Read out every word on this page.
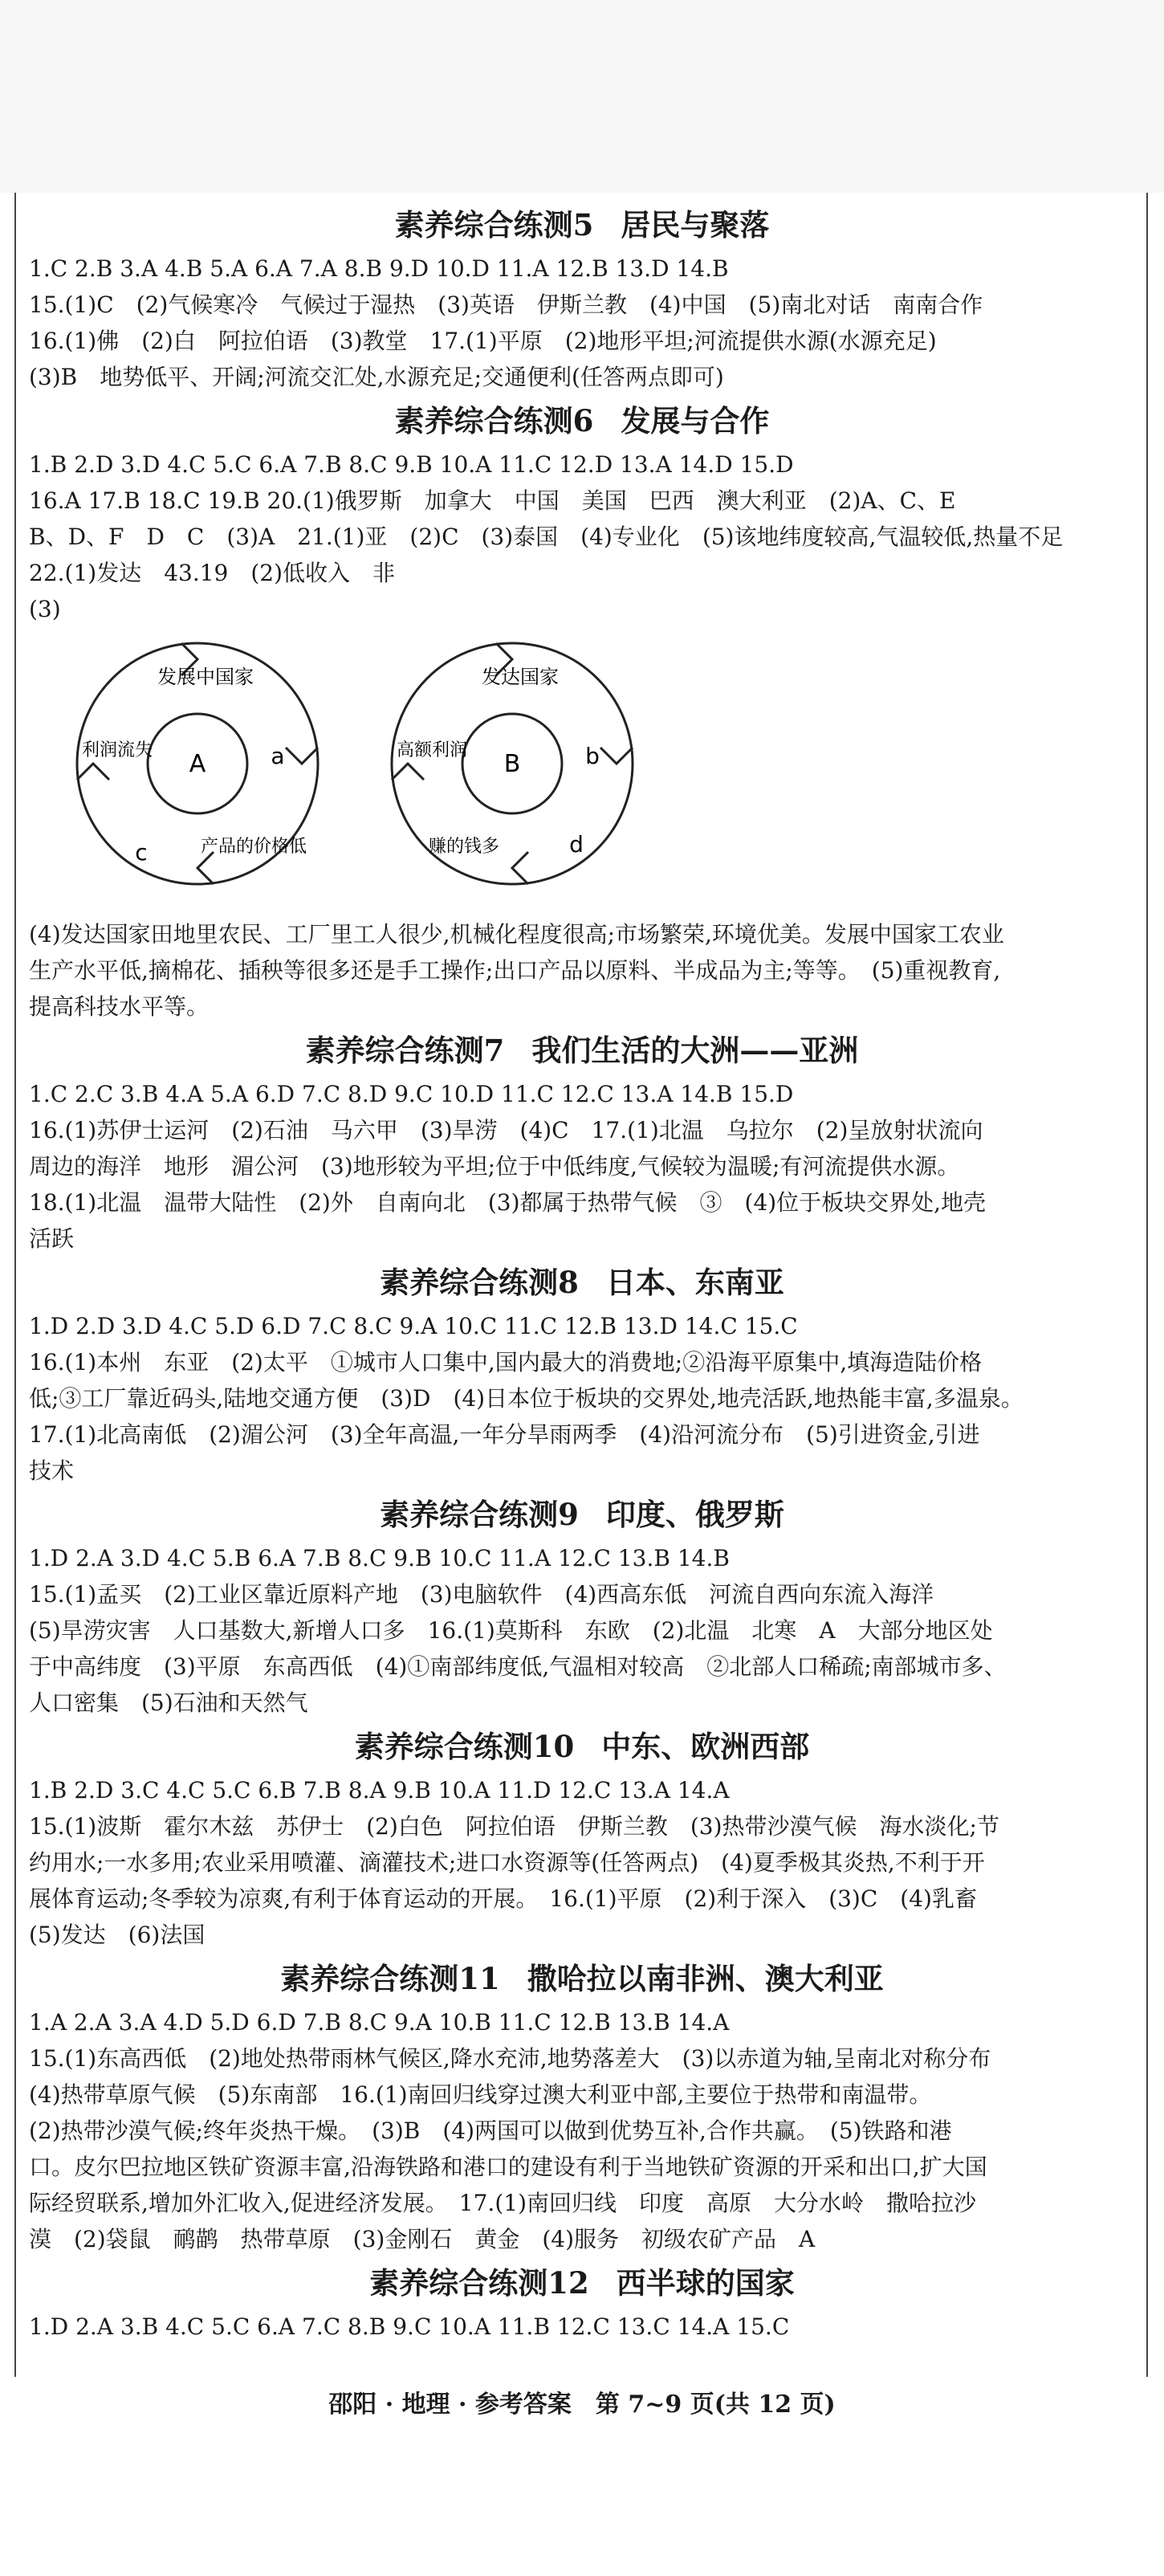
素养综合练测5 居民与聚落
1.C 2.B 3.A 4.B 5.A 6.A 7.A 8.B 9.D 10.D 11.A 12.B 13.D 14.B
15.(1)C　(2)气候寒冷　气候过于湿热　(3)英语　伊斯兰教　(4)中国　(5)南北对话　南南合作
16.(1)佛　(2)白　阿拉伯语　(3)教堂　17.(1)平原　(2)地形平坦;河流提供水源(水源充足)
(3)B　地势低平、开阔;河流交汇处,水源充足;交通便利(任答两点即可)
素养综合练测6 发展与合作
1.B 2.D 3.D 4.C 5.C 6.A 7.B 8.C 9.B 10.A 11.C 12.D 13.A 14.D 15.D
16.A 17.B 18.C 19.B 20.(1)俄罗斯　加拿大　中国　美国　巴西　澳大利亚　(2)A、C、E
B、D、F　D　C　(3)A　21.(1)亚　(2)C　(3)泰国　(4)专业化　(5)该地纬度较高,气温较低,热量不足
22.(1)发达　43.19　(2)低收入　非
(3)
发展中国家
a
A
产品的价格低
c
利润流失
发达国家
b
B
d
赚的钱多
高额利润
(4)发达国家田地里农民、工厂里工人很少,机械化程度很高;市场繁荣,环境优美。发展中国家工农业
生产水平低,摘棉花、插秧等很多还是手工操作;出口产品以原料、半成品为主;等等。　(5)重视教育,
提高科技水平等。
素养综合练测7 我们生活的大洲——亚洲
1.C 2.C 3.B 4.A 5.A 6.D 7.C 8.D 9.C 10.D 11.C 12.C 13.A 14.B 15.D
16.(1)苏伊士运河　(2)石油　马六甲　(3)旱涝　(4)C　17.(1)北温　乌拉尔　(2)呈放射状流向
周边的海洋　地形　湄公河　(3)地形较为平坦;位于中低纬度,气候较为温暖;有河流提供水源。
18.(1)北温　温带大陆性　(2)外　自南向北　(3)都属于热带气候　③　(4)位于板块交界处,地壳
活跃
素养综合练测8 日本、东南亚
1.D 2.D 3.D 4.C 5.D 6.D 7.C 8.C 9.A 10.C 11.C 12.B 13.D 14.C 15.C
16.(1)本州　东亚　(2)太平　①城市人口集中,国内最大的消费地;②沿海平原集中,填海造陆价格
低;③工厂靠近码头,陆地交通方便　(3)D　(4)日本位于板块的交界处,地壳活跃,地热能丰富,多温泉。
17.(1)北高南低　(2)湄公河　(3)全年高温,一年分旱雨两季　(4)沿河流分布　(5)引进资金,引进
技术
素养综合练测9 印度、俄罗斯
1.D 2.A 3.D 4.C 5.B 6.A 7.B 8.C 9.B 10.C 11.A 12.C 13.B 14.B
15.(1)孟买　(2)工业区靠近原料产地　(3)电脑软件　(4)西高东低　河流自西向东流入海洋
(5)旱涝灾害　人口基数大,新增人口多　16.(1)莫斯科　东欧　(2)北温　北寒　A　大部分地区处
于中高纬度　(3)平原　东高西低　(4)①南部纬度低,气温相对较高　②北部人口稀疏;南部城市多、
人口密集　(5)石油和天然气
素养综合练测10 中东、欧洲西部
1.B 2.D 3.C 4.C 5.C 6.B 7.B 8.A 9.B 10.A 11.D 12.C 13.A 14.A
15.(1)波斯　霍尔木兹　苏伊士　(2)白色　阿拉伯语　伊斯兰教　(3)热带沙漠气候　海水淡化;节
约用水;一水多用;农业采用喷灌、滴灌技术;进口水资源等(任答两点)　(4)夏季极其炎热,不利于开
展体育运动;冬季较为凉爽,有利于体育运动的开展。　16.(1)平原　(2)利于深入　(3)C　(4)乳畜
(5)发达　(6)法国
素养综合练测11 撒哈拉以南非洲、澳大利亚
1.A 2.A 3.A 4.D 5.D 6.D 7.B 8.C 9.A 10.B 11.C 12.B 13.B 14.A
15.(1)东高西低　(2)地处热带雨林气候区,降水充沛,地势落差大　(3)以赤道为轴,呈南北对称分布
(4)热带草原气候　(5)东南部　16.(1)南回归线穿过澳大利亚中部,主要位于热带和南温带。
(2)热带沙漠气候;终年炎热干燥。　(3)B　(4)两国可以做到优势互补,合作共赢。　(5)铁路和港
口。皮尔巴拉地区铁矿资源丰富,沿海铁路和港口的建设有利于当地铁矿资源的开采和出口,扩大国
际经贸联系,增加外汇收入,促进经济发展。　17.(1)南回归线　印度　高原　大分水岭　撒哈拉沙
漠　(2)袋鼠　鸸鹋　热带草原　(3)金刚石　黄金　(4)服务　初级农矿产品　A
素养综合练测12 西半球的国家
1.D 2.A 3.B 4.C 5.C 6.A 7.C 8.B 9.C 10.A 11.B 12.C 13.C 14.A 15.C
邵阳 · 地理 · 参考答案　第 7~9 页(共 12 页)
